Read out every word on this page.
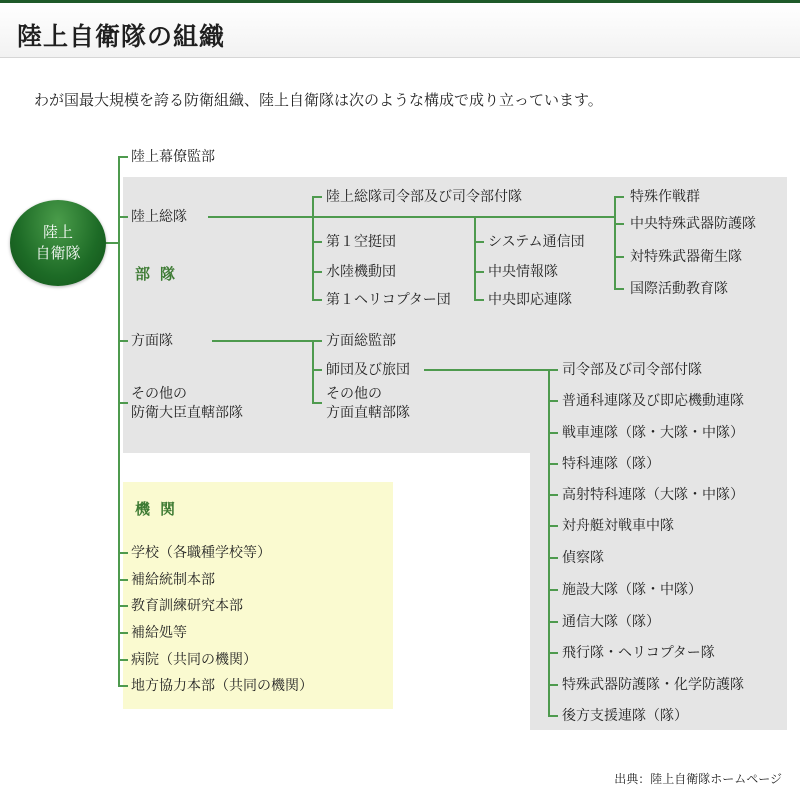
陸上自衛隊の組織
わが国最大規模を誇る防衛組織、陸上自衛隊は次のような構成で成り立っています。
陸上
自衛隊
陸上幕僚監部
陸上総隊
部隊
方面隊
その他の
防衛大臣直轄部隊
陸上総隊司令部及び司令部付隊
第１空挺団
水陸機動団
第１ヘリコプター団
システム通信団
中央情報隊
中央即応連隊
特殊作戦群
中央特殊武器防護隊
対特殊武器衛生隊
国際活動教育隊
方面総監部
師団及び旅団
その他の
方面直轄部隊
司令部及び司令部付隊
普通科連隊及び即応機動連隊
戦車連隊（隊・大隊・中隊）
特科連隊（隊）
高射特科連隊（大隊・中隊）
対舟艇対戦車中隊
偵察隊
施設大隊（隊・中隊）
通信大隊（隊）
飛行隊・ヘリコプター隊
特殊武器防護隊・化学防護隊
後方支援連隊（隊）
機関
学校（各職種学校等）
補給統制本部
教育訓練研究本部
補給処等
病院（共同の機関）
地方協力本部（共同の機関）
出典：陸上自衛隊ホームページ
